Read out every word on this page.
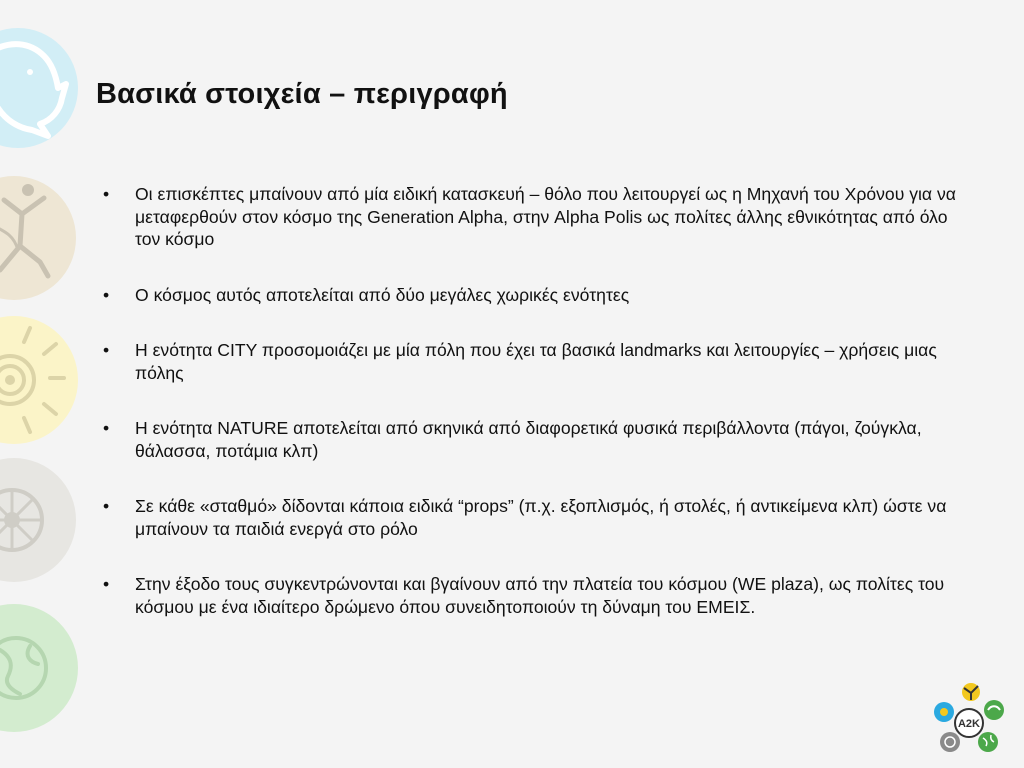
Βασικά στοιχεία – περιγραφή
• Οι επισκέπτες μπαίνουν από μία ειδική κατασκευή – θόλο που λειτουργεί ως η Μηχανή του Χρόνου για να μεταφερθούν στον κόσμο της Generation Alpha, στην Alpha Polis ως πολίτες άλλης εθνικότητας από όλο τον κόσμο
• Ο κόσμος αυτός αποτελείται από δύο μεγάλες χωρικές ενότητες
• Η ενότητα CITY προσομοιάζει με μία πόλη που έχει τα βασικά landmarks και λειτουργίες – χρήσεις μιας πόλης
• Η ενότητα NATURE αποτελείται από σκηνικά από διαφορετικά φυσικά περιβάλλοντα (πάγοι, ζούγκλα, θάλασσα, ποτάμια κλπ)
• Σε κάθε «σταθμό» δίδονται κάποια ειδικά “props” (π.χ. εξοπλισμός, ή στολές, ή αντικείμενα κλπ) ώστε να μπαίνουν τα παιδιά ενεργά στο ρόλο
• Στην έξοδο τους συγκεντρώνονται και βγαίνουν από την πλατεία του κόσμου (WE plaza), ως πολίτες του κόσμου με ένα ιδιαίτερο δρώμενο όπου συνειδητοποιούν τη δύναμη του ΕΜΕΙΣ.
A2K
